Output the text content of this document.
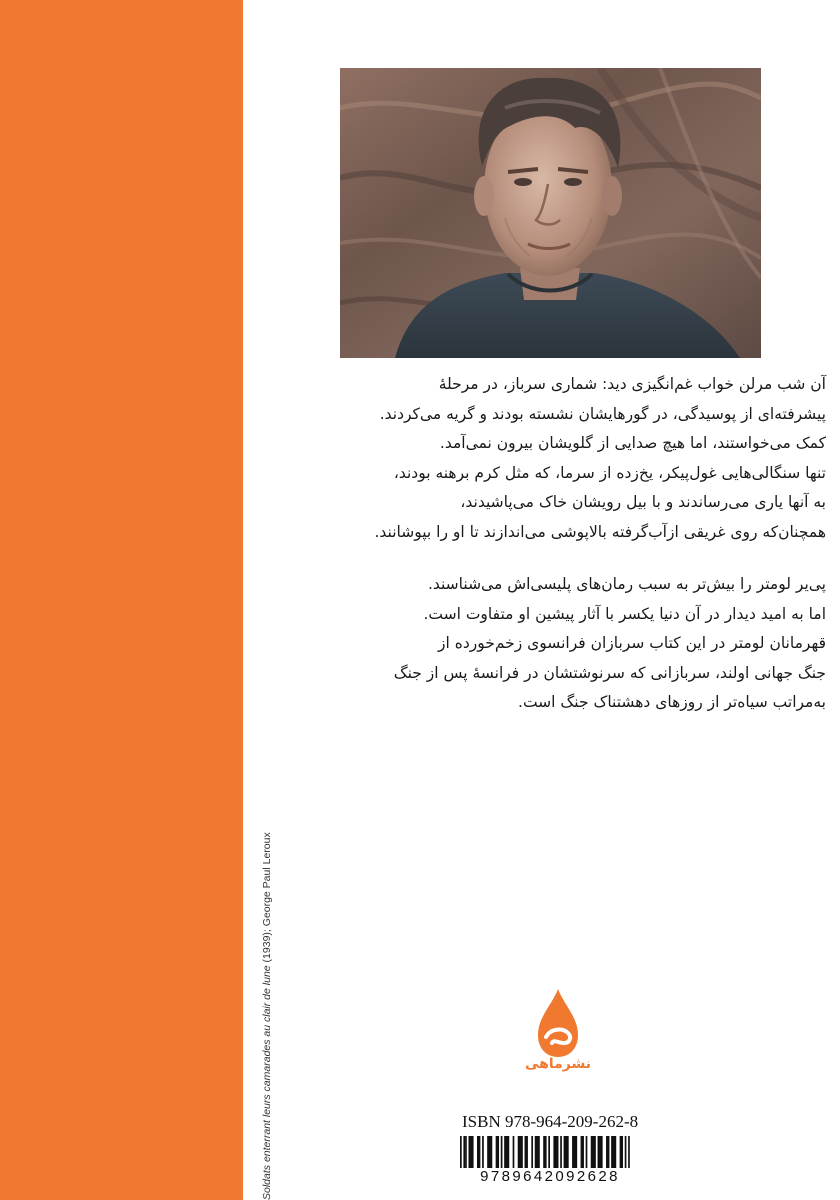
Soldats enterrant leurs camarades au clair de lune (1939); George Paul Leroux
آن شب مرلن خواب غم‌انگیزی دید: شماری سرباز، در مرحلهٔ
پیشرفته‌ای از پوسیدگی، در گورهایشان نشسته بودند و گریه می‌کردند.
کمک می‌خواستند، اما هیچ صدایی از گلویشان بیرون نمی‌آمد.
تنها سنگالی‌هایی غول‌پیکر، یخ‌زده از سرما، که مثل کرم برهنه بودند،
به آنها یاری می‌رساندند و با بیل رویشان خاک می‌پاشیدند،
همچنان‌که روی غریقی ازآب‌گرفته بالاپوشی می‌اندازند تا او را بپوشانند.
پی‌یر لومتر را بیش‌تر به سبب رمان‌های پلیسی‌اش می‌شناسند.
اما به امید دیدار در آن دنیا یکسر با آثار پیشین او متفاوت است.
قهرمانان لومتر در این کتاب سربازان فرانسوی زخم‌خورده از
جنگ جهانی اولند، سربازانی که سرنوشتشان در فرانسهٔ پس از جنگ
به‌مراتب سیاه‌تر از روزهای دهشتناک جنگ است.
نشرماهی
ISBN 978-964-209-262-8
9789642092628
